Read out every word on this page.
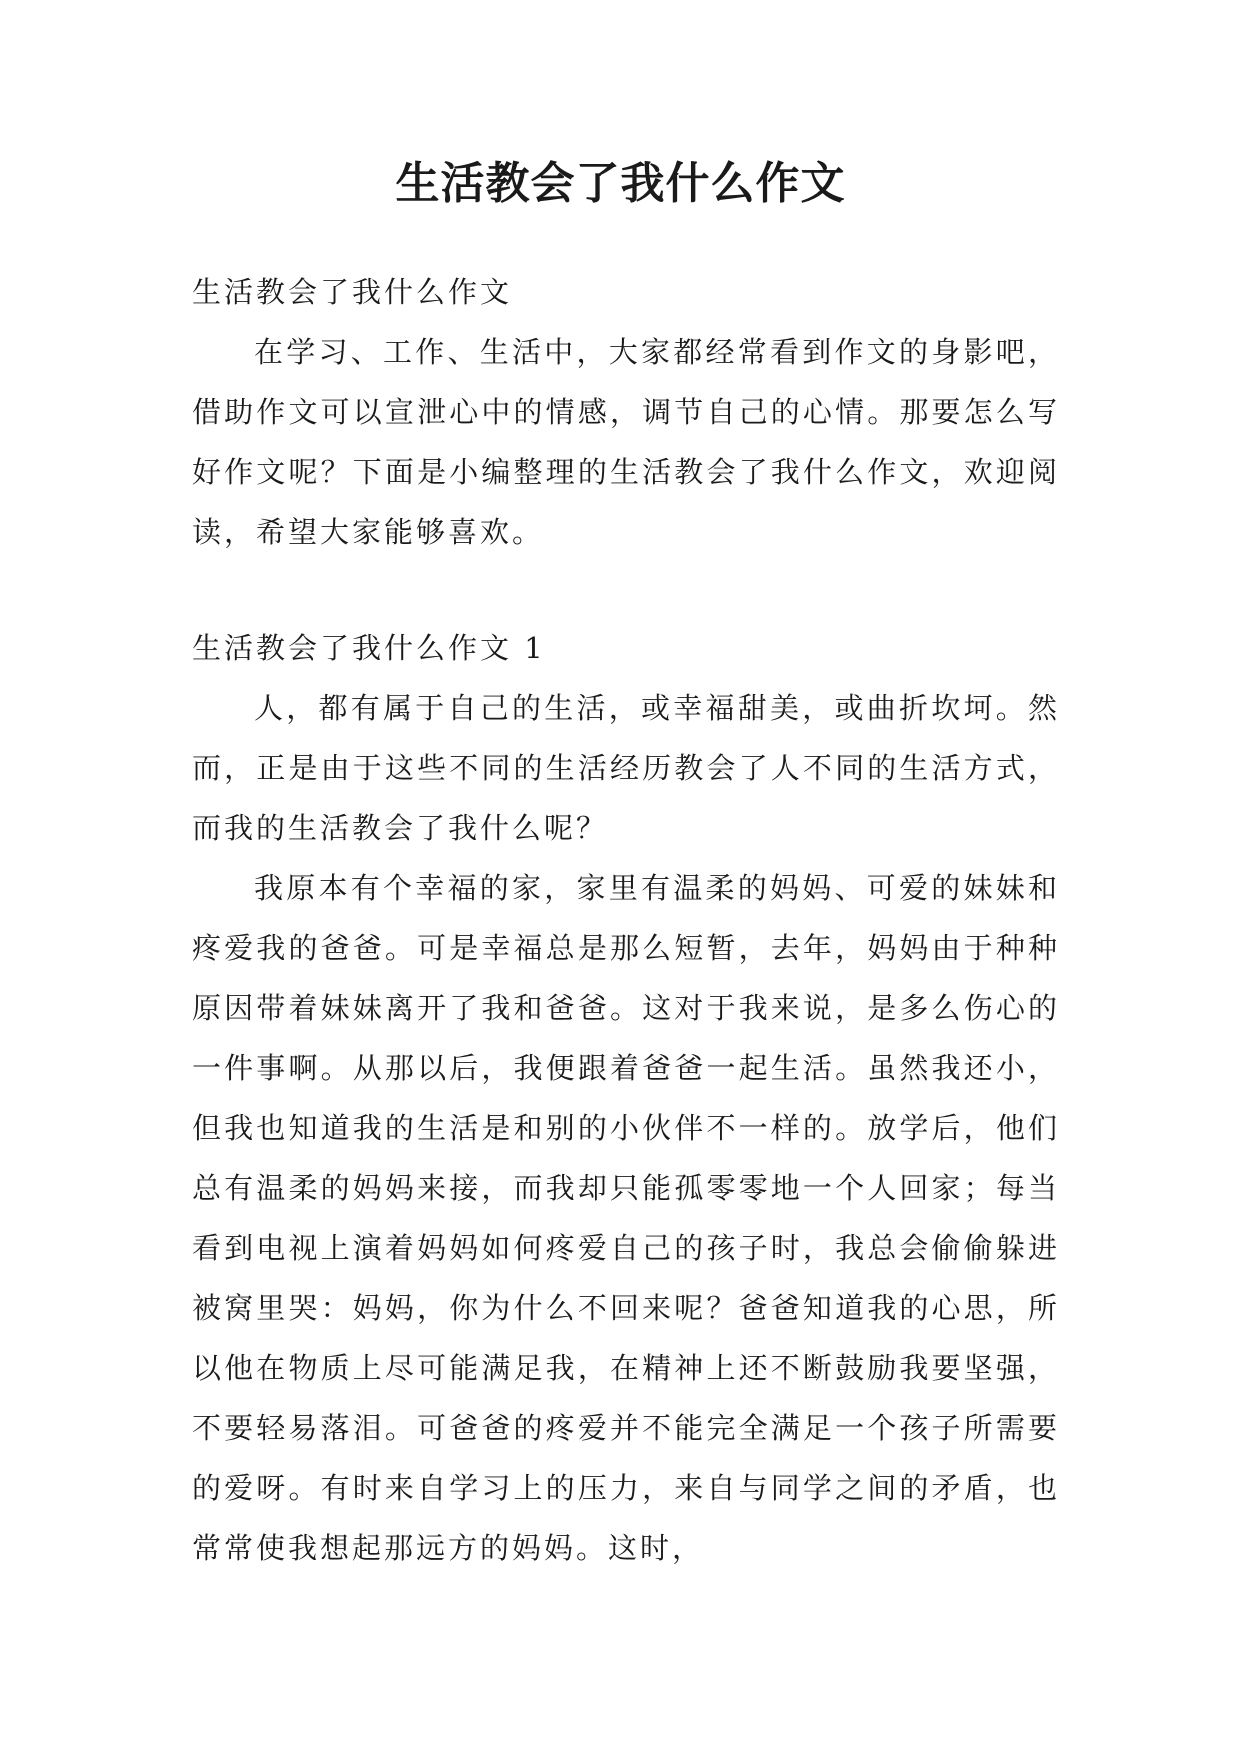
生活教会了我什么作文
生活教会了我什么作文

在学习、工作、生活中，大家都经常看到作文的身影吧，借助作文可以宣泄心中的情感，调节自己的心情。那要怎么写好作文呢？下面是小编整理的生活教会了我什么作文，欢迎阅读，希望大家能够喜欢。

生活教会了我什么作文 1

人，都有属于自己的生活，或幸福甜美，或曲折坎坷。然而，正是由于这些不同的生活经历教会了人不同的生活方式，而我的生活教会了我什么呢？

我原本有个幸福的家，家里有温柔的妈妈、可爱的妹妹和疼爱我的爸爸。可是幸福总是那么短暂，去年，妈妈由于种种原因带着妹妹离开了我和爸爸。这对于我来说，是多么伤心的一件事啊。从那以后，我便跟着爸爸一起生活。虽然我还小，但我也知道我的生活是和别的小伙伴不一样的。放学后，他们总有温柔的妈妈来接，而我却只能孤零零地一个人回家；每当看到电视上演着妈妈如何疼爱自己的孩子时，我总会偷偷躲进被窝里哭：妈妈，你为什么不回来呢？爸爸知道我的心思，所以他在物质上尽可能满足我，在精神上还不断鼓励我要坚强，不要轻易落泪。可爸爸的疼爱并不能完全满足一个孩子所需要的爱呀。有时来自学习上的压力，来自与同学之间的矛盾，也常常使我想起那远方的妈妈。这时，
